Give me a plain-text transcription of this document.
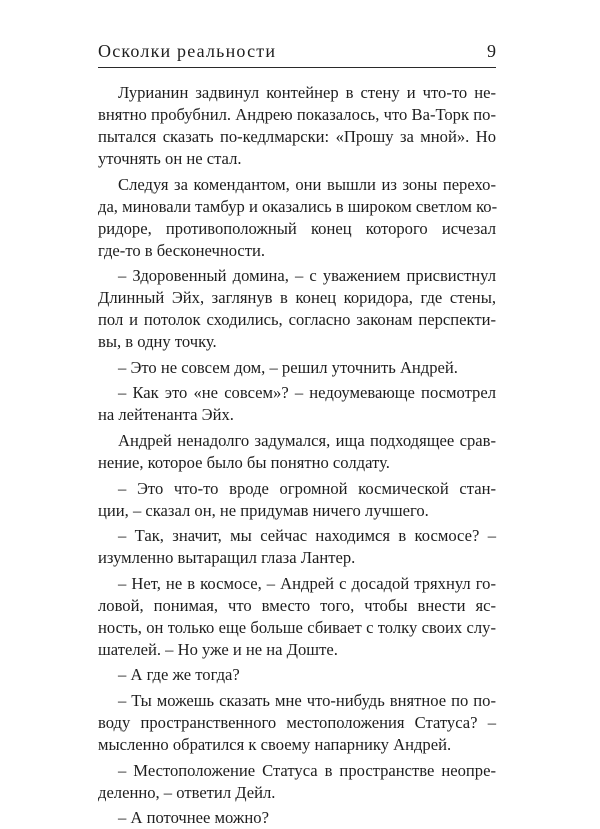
Осколки реальности	9
Лурианин задвинул контейнер в стену и что-то не-
внятно пробубнил. Андрею показалось, что Ва-Торк по-
пытался сказать по-кедлмарски: «Прошу за мной». Но
уточнять он не стал.
Следуя за комендантом, они вышли из зоны перехо-
да, миновали тамбур и оказались в широком светлом ко-
ридоре, противоположный конец которого исчезал
где-то в бесконечности.
– Здоровенный домина, – с уважением присвистнул
Длинный Эйх, заглянув в конец коридора, где стены,
пол и потолок сходились, согласно законам перспекти-
вы, в одну точку.
– Это не совсем дом, – решил уточнить Андрей.
– Как это «не совсем»? – недоумевающе посмотрел
на лейтенанта Эйх.
Андрей ненадолго задумался, ища подходящее срав-
нение, которое было бы понятно солдату.
– Это что-то вроде огромной космической стан-
ции, – сказал он, не придумав ничего лучшего.
– Так, значит, мы сейчас находимся в космосе? –
изумленно вытаращил глаза Лантер.
– Нет, не в космосе, – Андрей с досадой тряхнул го-
ловой, понимая, что вместо того, чтобы внести яс-
ность, он только еще больше сбивает с толку своих слу-
шателей. – Но уже и не на Доште.
– А где же тогда?
– Ты можешь сказать мне что-нибудь внятное по по-
воду пространственного местоположения Статуса? –
мысленно обратился к своему напарнику Андрей.
– Местоположение Статуса в пространстве неопре-
деленно, – ответил Дейл.
– А поточнее можно?
